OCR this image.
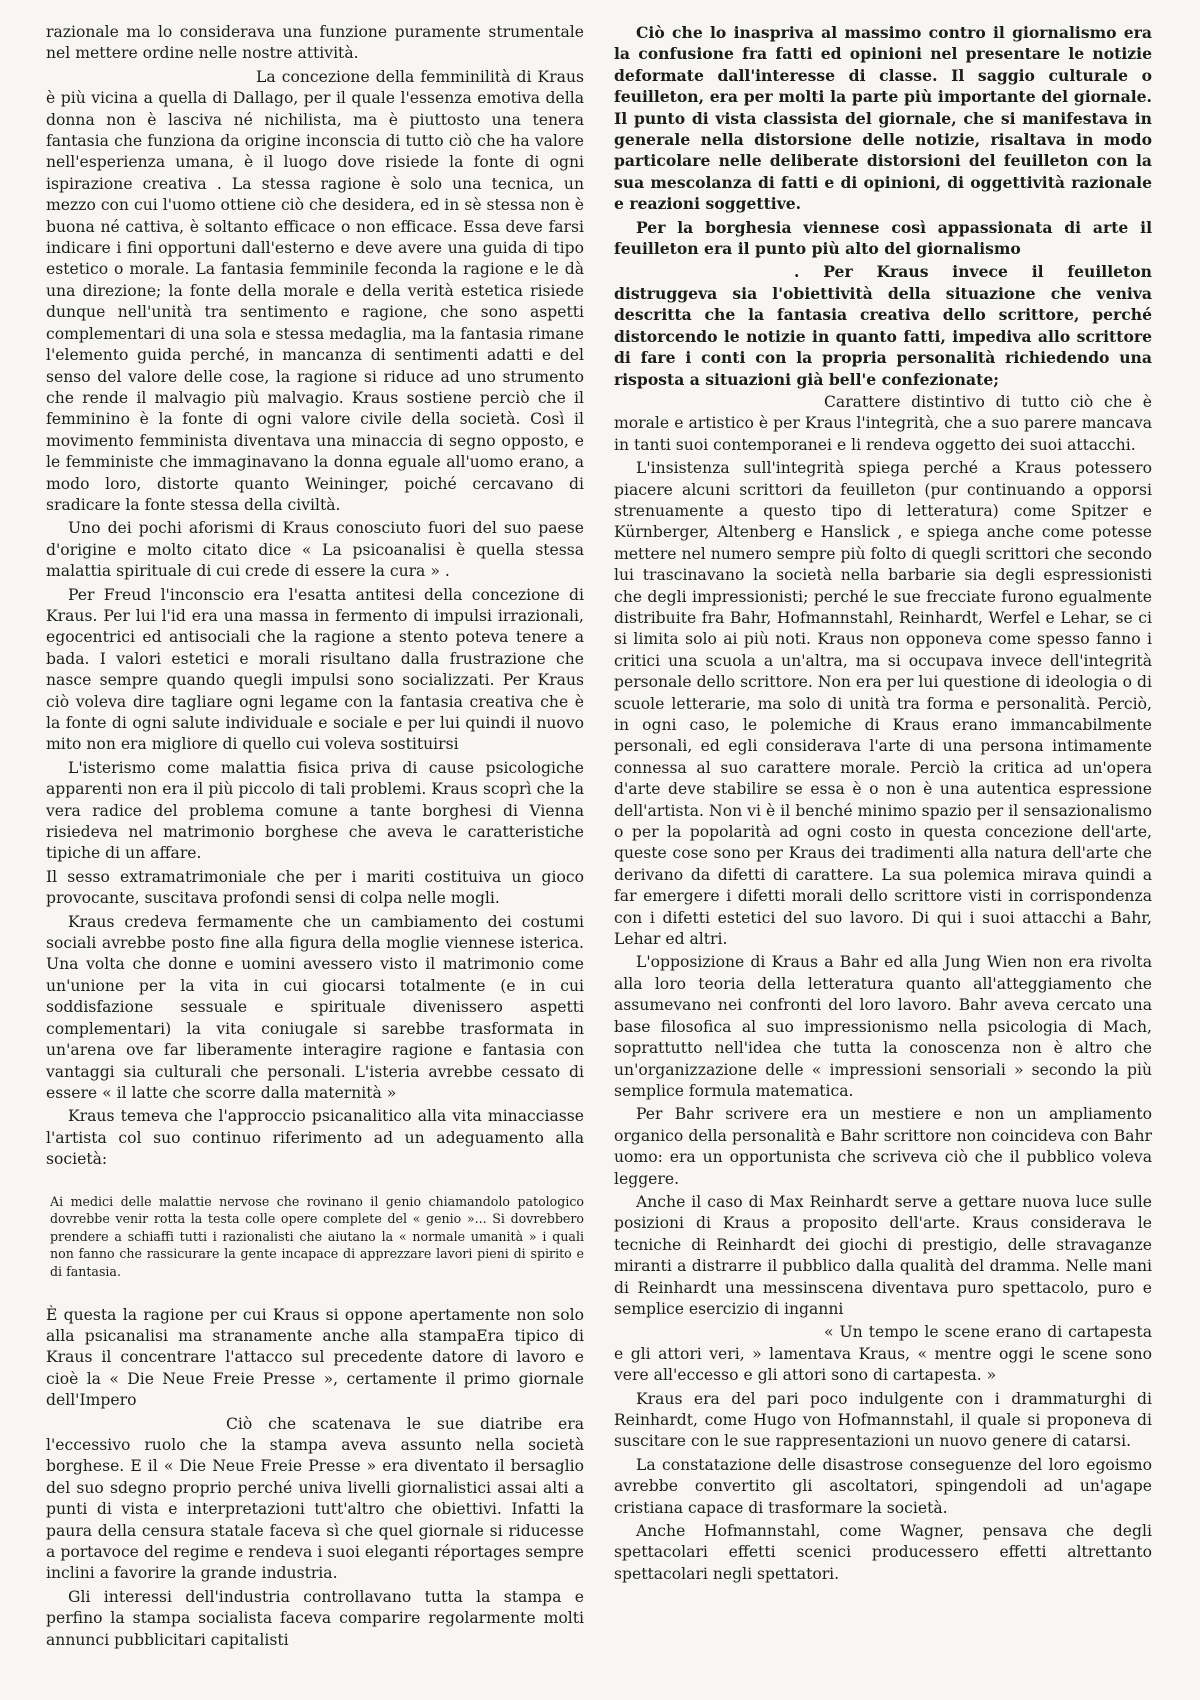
razionale ma lo considerava una funzione puramente strumentale nel mettere ordine nelle nostre attività.

La concezione della femminilità di Kraus è più vicina a quella di Dallago, per il quale l'essenza emotiva della donna non è lasciva né nichilista, ma è piuttosto una tenera fantasia che funziona da origine inconscia di tutto ciò che ha valore nell'esperienza umana, è il luogo dove risiede la fonte di ogni ispirazione creativa . La stessa ragione è solo una tecnica, un mezzo con cui l'uomo ottiene ciò che desidera, ed in sè stessa non è buona né cattiva, è soltanto efficace o non efficace. Essa deve farsi indicare i fini opportuni dall'esterno e deve avere una guida di tipo estetico o morale. La fantasia femminile feconda la ragione e le dà una direzione; la fonte della morale e della verità estetica risiede dunque nell'unità tra sentimento e ragione, che sono aspetti complementari di una sola e stessa medaglia, ma la fantasia rimane l'elemento guida perché, in mancanza di sentimenti adatti e del senso del valore delle cose, la ragione si riduce ad uno strumento che rende il malvagio più malvagio. Kraus sostiene perciò che il femminino è la fonte di ogni valore civile della società. Così il movimento femminista diventava una minaccia di segno opposto, e le femministe che immaginavano la donna eguale all'uomo erano, a modo loro, distorte quanto Weininger, poiché cercavano di sradicare la fonte stessa della civiltà.

Uno dei pochi aforismi di Kraus conosciuto fuori del suo paese d'origine e molto citato dice « La psicoanalisi è quella stessa malattia spirituale di cui crede di essere la cura » .

Per Freud l'inconscio era l'esatta antitesi della concezione di Kraus. Per lui l'id era una massa in fermento di impulsi irrazionali, egocentrici ed antisociali che la ragione a stento poteva tenere a bada. I valori estetici e morali risultano dalla frustrazione che nasce sempre quando quegli impulsi sono socializzati. Per Kraus ciò voleva dire tagliare ogni legame con la fantasia creativa che è la fonte di ogni salute individuale e sociale e per lui quindi il nuovo mito non era migliore di quello cui voleva sostituirsi

L'isterismo come malattia fisica priva di cause psicologiche apparenti non era il più piccolo di tali problemi. Kraus scoprì che la vera radice del problema comune a tante borghesi di Vienna risiedeva nel matrimonio borghese che aveva le caratteristiche tipiche di un affare.

Il sesso extramatrimoniale che per i mariti costituiva un gioco provocante, suscitava profondi sensi di colpa nelle mogli.

Kraus credeva fermamente che un cambiamento dei costumi sociali avrebbe posto fine alla figura della moglie viennese isterica. Una volta che donne e uomini avessero visto il matrimonio come un'unione per la vita in cui giocarsi totalmente (e in cui soddisfazione sessuale e spirituale divenissero aspetti complementari) la vita coniugale si sarebbe trasformata in un'arena ove far liberamente interagire ragione e fantasia con vantaggi sia culturali che personali. L'isteria avrebbe cessato di essere « il latte che scorre dalla maternità »

Kraus temeva che l'approccio psicanalitico alla vita minacciasse l'artista col suo continuo riferimento ad un adeguamento alla società:

Ai medici delle malattie nervose che rovinano il genio chiamandolo patologico dovrebbe venir rotta la testa colle opere complete del « genio »... Si dovrebbero prendere a schiaffi tutti i razionalisti che aiutano la « normale umanità » i quali non fanno che rassicurare la gente incapace di apprezzare lavori pieni di spirito e di fantasia.

È questa la ragione per cui Kraus si oppone apertamente non solo alla psicanalisi ma stranamente anche alla stampaEra tipico di Kraus il concentrare l'attacco sul precedente datore di lavoro e cioè la « Die Neue Freie Presse », certamente il primo giornale dell'Impero

Ciò che scatenava le sue diatribe era l'eccessivo ruolo che la stampa aveva assunto nella società borghese. E il « Die Neue Freie Presse » era diventato il bersaglio del suo sdegno proprio perché univa livelli giornalistici assai alti a punti di vista e interpretazioni tutt'altro che obiettivi. Infatti la paura della censura statale faceva sì che quel giornale si riducesse a portavoce del regime e rendeva i suoi eleganti réportages sempre inclini a favorire la grande industria.

Gli interessi dell'industria controllavano tutta la stampa e perfino la stampa socialista faceva comparire regolarmente molti annunci pubblicitari capitalisti

Ciò che lo inaspriva al massimo contro il giornalismo era la confusione fra fatti ed opinioni nel presentare le notizie deformate dall'interesse di classe. Il saggio culturale o feuilleton, era per molti la parte più importante del giornale. Il punto di vista classista del giornale, che si manifestava in generale nella distorsione delle notizie, risaltava in modo particolare nelle deliberate distorsioni del feuilleton con la sua mescolanza di fatti e di opinioni, di oggettività razionale e reazioni soggettive.

Per la borghesia viennese così appassionata di arte il feuilleton era il punto più alto del giornalismo

. Per Kraus invece il feuilleton distruggeva sia l'obiettività della situazione che veniva descritta che la fantasia creativa dello scrittore, perché distorcendo le notizie in quanto fatti, impediva allo scrittore di fare i conti con la propria personalità richiedendo una risposta a situazioni già bell'e confezionate;

Carattere distintivo di tutto ciò che è morale e artistico è per Kraus l'integrità, che a suo parere mancava in tanti suoi contemporanei e li rendeva oggetto dei suoi attacchi.

L'insistenza sull'integrità spiega perché a Kraus potessero piacere alcuni scrittori da feuilleton (pur continuando a opporsi strenuamente a questo tipo di letteratura) come Spitzer e Kürnberger, Altenberg e Hanslick , e spiega anche come potesse mettere nel numero sempre più folto di quegli scrittori che secondo lui trascinavano la società nella barbarie sia degli espressionisti che degli impressionisti; perché le sue frecciate furono egualmente distribuite fra Bahr, Hofmannstahl, Reinhardt, Werfel e Lehar, se ci si limita solo ai più noti. Kraus non opponeva come spesso fanno i critici una scuola a un'altra, ma si occupava invece dell'integrità personale dello scrittore. Non era per lui questione di ideologia o di scuole letterarie, ma solo di unità tra forma e personalità. Perciò, in ogni caso, le polemiche di Kraus erano immancabilmente personali, ed egli considerava l'arte di una persona intimamente connessa al suo carattere morale. Perciò la critica ad un'opera d'arte deve stabilire se essa è o non è una autentica espressione dell'artista. Non vi è il benché minimo spazio per il sensazionalismo o per la popolarità ad ogni costo in questa concezione dell'arte, queste cose sono per Kraus dei tradimenti alla natura dell'arte che derivano da difetti di carattere. La sua polemica mirava quindi a far emergere i difetti morali dello scrittore visti in corrispondenza con i difetti estetici del suo lavoro. Di qui i suoi attacchi a Bahr, Lehar ed altri.

L'opposizione di Kraus a Bahr ed alla Jung Wien non era rivolta alla loro teoria della letteratura quanto all'atteggiamento che assumevano nei confronti del loro lavoro. Bahr aveva cercato una base filosofica al suo impressionismo nella psicologia di Mach, soprattutto nell'idea che tutta la conoscenza non è altro che un'organizzazione delle « impressioni sensoriali » secondo la più semplice formula matematica.

Per Bahr scrivere era un mestiere e non un ampliamento organico della personalità e Bahr scrittore non coincideva con Bahr uomo: era un opportunista che scriveva ciò che il pubblico voleva leggere.

Anche il caso di Max Reinhardt serve a gettare nuova luce sulle posizioni di Kraus a proposito dell'arte. Kraus considerava le tecniche di Reinhardt dei giochi di prestigio, delle stravaganze miranti a distrarre il pubblico dalla qualità del dramma. Nelle mani di Reinhardt una messinscena diventava puro spettacolo, puro e semplice esercizio di inganni

« Un tempo le scene erano di cartapesta e gli attori veri, » lamentava Kraus, « mentre oggi le scene sono vere all'eccesso e gli attori sono di cartapesta. »

Kraus era del pari poco indulgente con i drammaturghi di Reinhardt, come Hugo von Hofmannstahl, il quale si proponeva di suscitare con le sue rappresentazioni un nuovo genere di catarsi.

La constatazione delle disastrose conseguenze del loro egoismo avrebbe convertito gli ascoltatori, spingendoli ad un'agape cristiana capace di trasformare la società.

Anche Hofmannstahl, come Wagner, pensava che degli spettacolari effetti scenici producessero effetti altrettanto spettacolari negli spettatori.
